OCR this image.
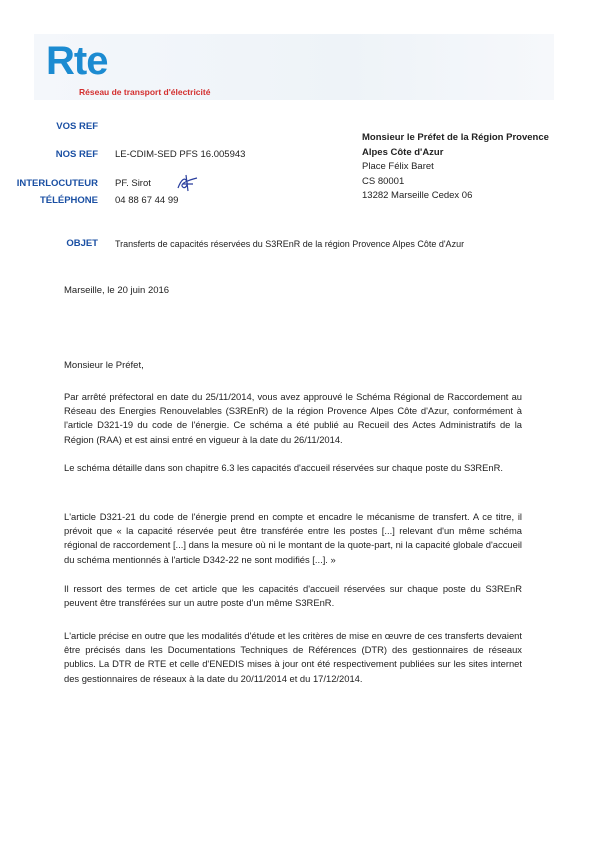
Rte
Réseau de transport d'électricité
VOS REF
NOS REF LE-CDIM-SED PFS 16.005943
INTERLOCUTEUR PF. Sirot
TÉLÉPHONE 04 88 67 44 99
Monsieur le Préfet de la Région Provence
Alpes Côte d'Azur
Place Félix Baret
CS 80001
13282 Marseille Cedex 06
OBJET Transferts de capacités réservées du S3REnR de la région Provence Alpes Côte d'Azur
Marseille, le 20 juin 2016
Monsieur le Préfet,
Par arrêté préfectoral en date du 25/11/2014, vous avez approuvé le Schéma Régional de Raccordement au Réseau des Energies Renouvelables (S3REnR) de la région Provence Alpes Côte d'Azur, conformément à l'article D321-19 du code de l'énergie. Ce schéma a été publié au Recueil des Actes Administratifs de la Région (RAA) et est ainsi entré en vigueur à la date du 26/11/2014.
Le schéma détaille dans son chapitre 6.3 les capacités d'accueil réservées sur chaque poste du S3REnR.
L'article D321-21 du code de l'énergie prend en compte et encadre le mécanisme de transfert. A ce titre, il prévoit que « la capacité réservée peut être transférée entre les postes [...] relevant d'un même schéma régional de raccordement [...] dans la mesure où ni le montant de la quote-part, ni la capacité globale d'accueil du schéma mentionnés à l'article D342-22 ne sont modifiés [...]. »
Il ressort des termes de cet article que les capacités d'accueil réservées sur chaque poste du S3REnR peuvent être transférées sur un autre poste d'un même S3REnR.
L'article précise en outre que les modalités d'étude et les critères de mise en œuvre de ces transferts devaient être précisés dans les Documentations Techniques de Références (DTR) des gestionnaires de réseaux publics. La DTR de RTE et celle d'ENEDIS mises à jour ont été respectivement publiées sur les sites internet des gestionnaires de réseaux à la date du 20/11/2014 et du 17/12/2014.
